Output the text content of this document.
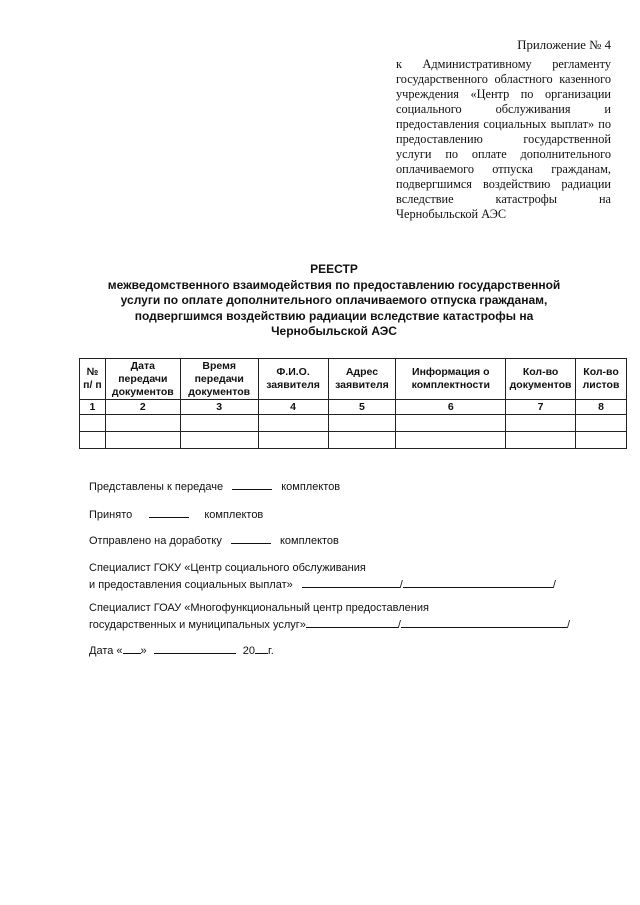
Приложение № 4
к Административному регламенту государственного областного казенного учреждения «Центр по организации социального обслуживания и предоставления социальных выплат» по предоставлению государственной услуги по оплате дополнительного оплачиваемого отпуска гражданам, подвергшимся воздействию радиации вследствие катастрофы на Чернобыльской АЭС
РЕЕСТР
межведомственного взаимодействия по предоставлению государственной
услуги по оплате дополнительного оплачиваемого отпуска гражданам,
подвергшимся воздействию радиации вследствие катастрофы на
Чернобыльской АЭС
№ п/ п	Дата передачи документов	Время передачи документов	Ф.И.О. заявителя	Адрес заявителя	Информация о комплектности	Кол-во документов	Кол-во листов
1	2	3	4	5	6	7	8

Представлены к передаче	комплектов
Принято	комплектов
Отправлено на доработку	комплектов
Специалист ГОКУ «Центр социального обслуживания
и предоставления социальных выплат»	/	/
Специалист ГОАУ «Многофункциональный центр предоставления
государственных и муниципальных услуг»	/	/
Дата « »	20 г.
